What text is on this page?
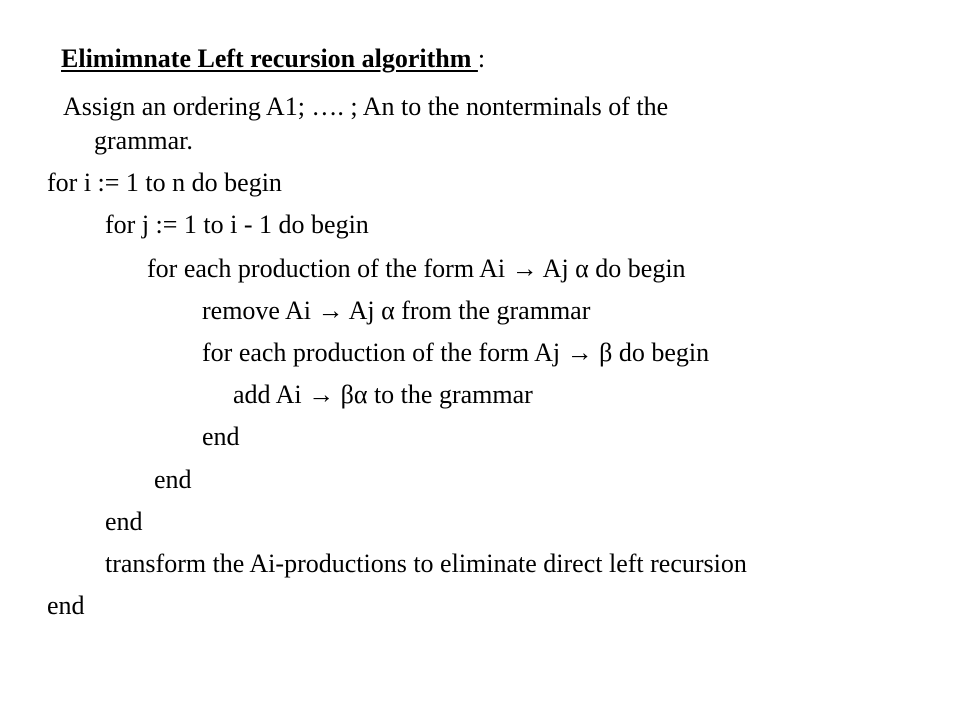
Elimimnate Left recursion algorithm :
Assign an ordering A1; …. ; An to the nonterminals of the
grammar.
for i := 1 to n do begin
for j := 1 to i - 1 do begin
for each production of the form Ai → Aj α do begin
remove Ai → Aj α from the grammar
for each production of the form Aj → β do begin
add Ai → βα to the grammar
end
end
end
transform the Ai-productions to eliminate direct left recursion
end
